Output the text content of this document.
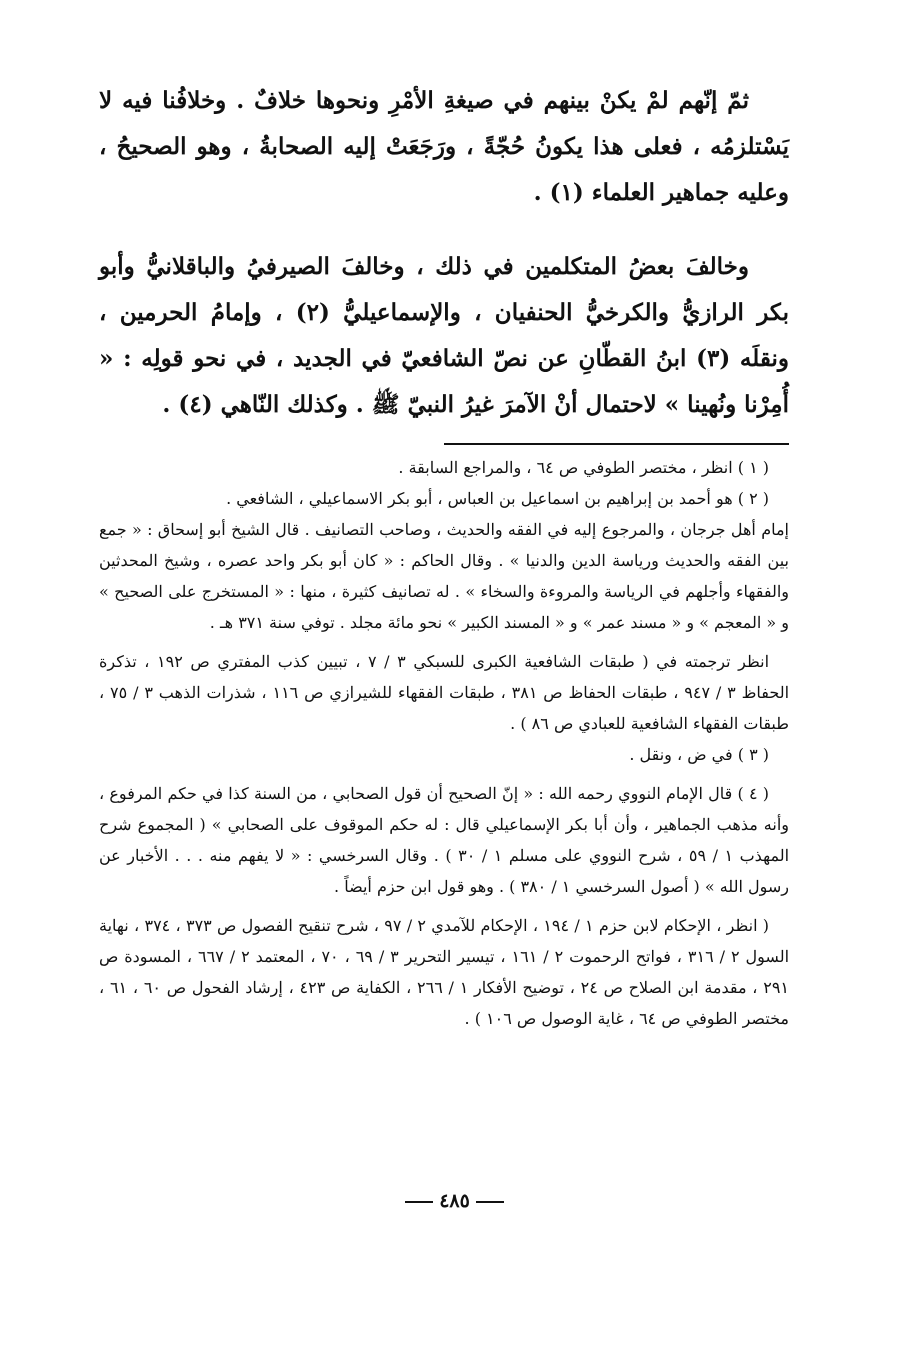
ثمّ إنّهم لمْ يكنْ بينهم في صيغةِ الأمْرِ ونحوها خلافٌ . وخلافُنا فيه لا يَسْتلزمُه ، فعلى هذا يكونُ حُجّةً ، ورَجَعَتْ إليه الصحابةُ ، وهو الصحيحُ ، وعليه جماهير العلماء (١) .

وخالفَ بعضُ المتكلمين في ذلك ، وخالفَ الصيرفيُ والباقلانيُّ وأبو بكر الرازيُّ والكرخيُّ الحنفيان ، والإسماعيليُّ (٢) ، وإمامُ الحرمين ، ونقلَه (٣) ابنُ القطّانِ عن نصّ الشافعيّ في الجديد ، في نحو قولِه : « أُمِرْنا ونُهينا » لاحتمال أنْ الآمرَ غيرُ النبيّ ﷺ . وكذلك النّاهي (٤) .

( ١ ) انظر ، مختصر الطوفي ص ٦٤ ، والمراجع السابقة .

( ٢ ) هو أحمد بن إبراهيم بن اسماعيل بن العباس ، أبو بكر الاسماعيلي ، الشافعي .

إمام أهل جرجان ، والمرجوع إليه في الفقه والحديث ، وصاحب التصانيف . قال الشيخ أبو إسحاق : « جمع بين الفقه والحديث ورياسة الدين والدنيا » . وقال الحاكم : « كان أبو بكر واحد عصره ، وشيخ المحدثين والفقهاء وأجلهم في الرياسة والمروءة والسخاء » . له تصانيف كثيرة ، منها : « المستخرج على الصحيح » و « المعجم » و « مسند عمر » و « المسند الكبير » نحو مائة مجلد . توفي سنة ٣٧١ هـ .

انظر ترجمته في ( طبقات الشافعية الكبرى للسبكي ٣ / ٧ ، تبيين كذب المفتري ص ١٩٢ ، تذكرة الحفاظ ٣ / ٩٤٧ ، طبقات الحفاظ ص ٣٨١ ، طبقات الفقهاء للشيرازي ص ١١٦ ، شذرات الذهب ٣ / ٧٥ ، طبقات الفقهاء الشافعية للعبادي ص ٨٦ ) .

( ٣ ) في ض ، ونقل .

( ٤ ) قال الإمام النووي رحمه الله : « إنّ الصحيح أن قول الصحابي ، من السنة كذا في حكم المرفوع ، وأنه مذهب الجماهير ، وأن أبا بكر الإسماعيلي قال : له حكم الموقوف على الصحابي » ( المجموع شرح المهذب ١ / ٥٩ ، شرح النووي على مسلم ١ / ٣٠ ) . وقال السرخسي : « لا يفهم منه . . . الأخبار عن رسول الله » ( أصول السرخسي ١ / ٣٨٠ ) . وهو قول ابن حزم أيضاً .

( انظر ، الإحكام لابن حزم ١ / ١٩٤ ، الإحكام للآمدي ٢ / ٩٧ ، شرح تنقيح الفصول ص ٣٧٣ ، ٣٧٤ ، نهاية السول ٢ / ٣١٦ ، فواتح الرحموت ٢ / ١٦١ ، تيسير التحرير ٣ / ٦٩ ، ٧٠ ، المعتمد ٢ / ٦٦٧ ، المسودة ص ٢٩١ ، مقدمة ابن الصلاح ص ٢٤ ، توضيح الأفكار ١ / ٢٦٦ ، الكفاية ص ٤٢٣ ، إرشاد الفحول ص ٦٠ ، ٦١ ، مختصر الطوفي ص ٦٤ ، غاية الوصول ص ١٠٦ ) .

٤٨٥
